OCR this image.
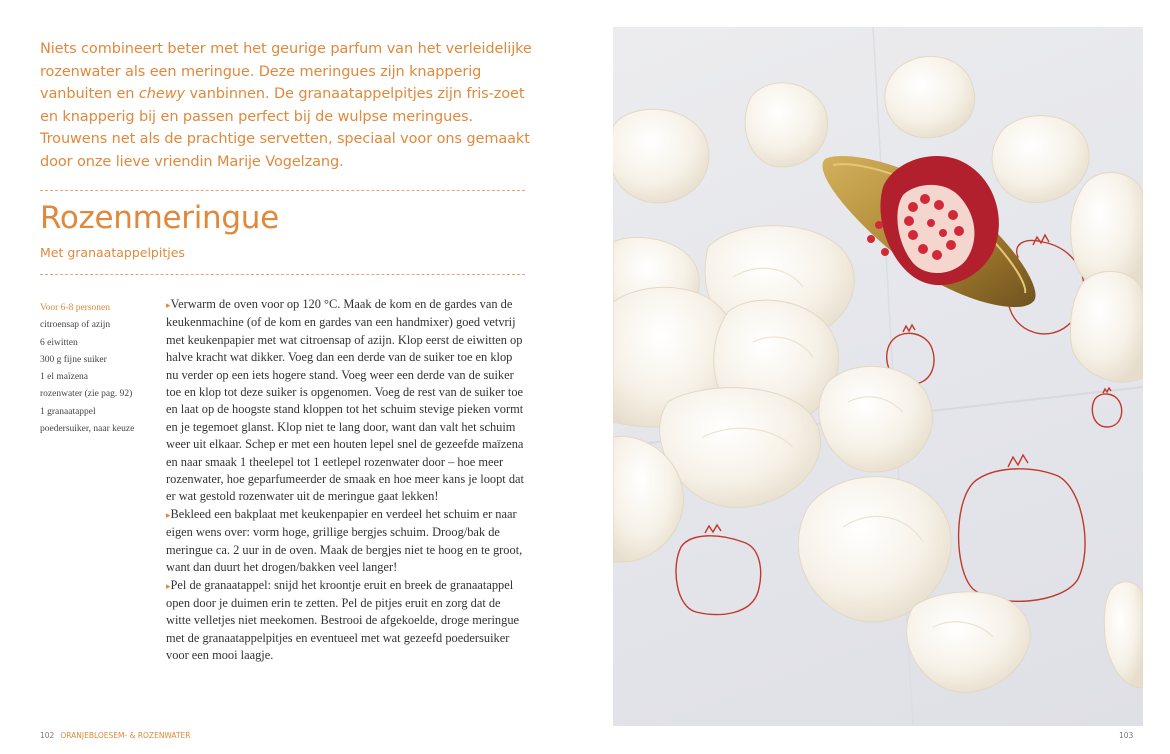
Niets combineert beter met het geurige parfum van het verleidelijke rozenwater als een meringue. Deze meringues zijn knapperig vanbuiten en chewy vanbinnen. De granaatappelpitjes zijn fris-zoet en knapperig bij en passen perfect bij de wulpse meringues. Trouwens net als de prachtige servetten, speciaal voor ons gemaakt door onze lieve vriendin Marije Vogelzang.

Rozenmeringue

Met granaatappelpitjes

Voor 6-8 personen
citroensap of azijn
6 eiwitten
300 g fijne suiker
1 el maïzena
rozenwater (zie pag. 92)
1 granaatappel
poedersuiker, naar keuze

▸Verwarm de oven voor op 120 °C. Maak de kom en de gardes van de keukenmachine (of de kom en gardes van een handmixer) goed vetvrij met keukenpapier met wat citroensap of azijn. Klop eerst de eiwitten op halve kracht wat dikker. Voeg dan een derde van de suiker toe en klop nu verder op een iets hogere stand. Voeg weer een derde van de suiker toe en klop tot deze suiker is opgenomen. Voeg de rest van de suiker toe en laat op de hoogste stand kloppen tot het schuim stevige pieken vormt en je tegemoet glanst. Klop niet te lang door, want dan valt het schuim weer uit elkaar. Schep er met een houten lepel snel de gezeefde maïzena en naar smaak 1 theelepel tot 1 eetlepel rozenwater door – hoe meer rozenwater, hoe geparfumeerder de smaak en hoe meer kans je loopt dat er wat gestold rozenwater uit de meringue gaat lekken!

▸Bekleed een bakplaat met keukenpapier en verdeel het schuim er naar eigen wens over: vorm hoge, grillige bergjes schuim. Droog/bak de meringue ca. 2 uur in de oven. Maak de bergjes niet te hoog en te groot, want dan duurt het drogen/bakken veel langer!

▸Pel de granaatappel: snijd het kroontje eruit en breek de granaatappel open door je duimen erin te zetten. Pel de pitjes eruit en zorg dat de witte velletjes niet meekomen. Bestrooi de afgekoelde, droge meringue met de granaatappelpitjes en eventueel met wat gezeefd poedersuiker voor een mooi laagje.

102 ORANJEBLOESEM- & ROZENWATER	103
